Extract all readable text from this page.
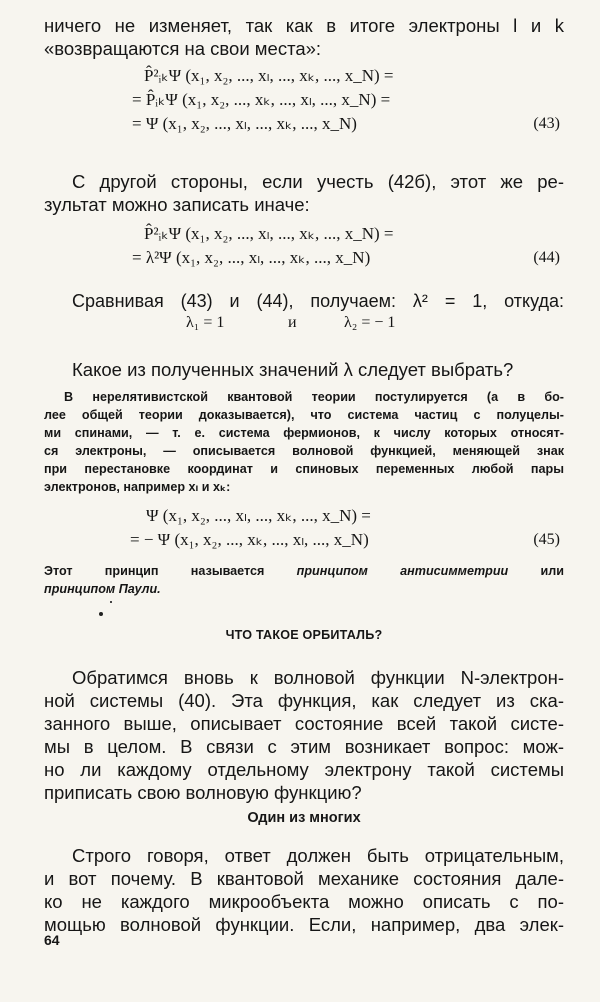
ничего не изменяет, так как в итоге электроны l и k
«возвращаются на свои места»:
P̂²ᵢₖΨ (x₁, x₂, ..., xₗ, ..., xₖ, ..., x_N) =
= P̂ᵢₖΨ (x₁, x₂, ..., xₖ, ..., xₗ, ..., x_N) =
= Ψ (x₁, x₂, ..., xₗ, ..., xₖ, ..., x_N)	(43)
С другой стороны, если учесть (42б), этот же ре-
зультат можно записать иначе:
P̂²ᵢₖΨ (x₁, x₂, ..., xₗ, ..., xₖ, ..., x_N) =
= λ²Ψ (x₁, x₂, ..., xₗ, ..., xₖ, ..., x_N)	(44)
Сравнивая (43) и (44), получаем: λ² = 1, откуда:
λ₁ = 1	и	λ₂ = − 1
Какое из полученных значений λ следует выбрать?
В нерелятивистской квантовой теории постулируется (а в бо-
лее общей теории доказывается), что система частиц с полуцелы-
ми спинами, — т. е. система фермионов, к числу которых относят-
ся электроны, — описывается волновой функцией, меняющей знак
при перестановке координат и спиновых переменных любой пары
электронов, например xₗ и xₖ:
Ψ (x₁, x₂, ..., xₗ, ..., xₖ, ..., x_N) =
= − Ψ (x₁, x₂, ..., xₖ, ..., xₗ, ..., x_N)	(45)
Этот принцип называется принципом антисимметрии или
принципом Паули.
ЧТО ТАКОЕ ОРБИТАЛЬ?
Обратимся вновь к волновой функции N-электрон-
ной системы (40). Эта функция, как следует из ска-
занного выше, описывает состояние всей такой систе-
мы в целом. В связи с этим возникает вопрос: мож-
но ли каждому отдельному электрону такой системы
приписать свою волновую функцию?
Один из многих
Строго говоря, ответ должен быть отрицательным,
и вот почему. В квантовой механике состояния дале-
ко не каждого микрообъекта можно описать с по-
мощью волновой функции. Если, например, два элек-
64
